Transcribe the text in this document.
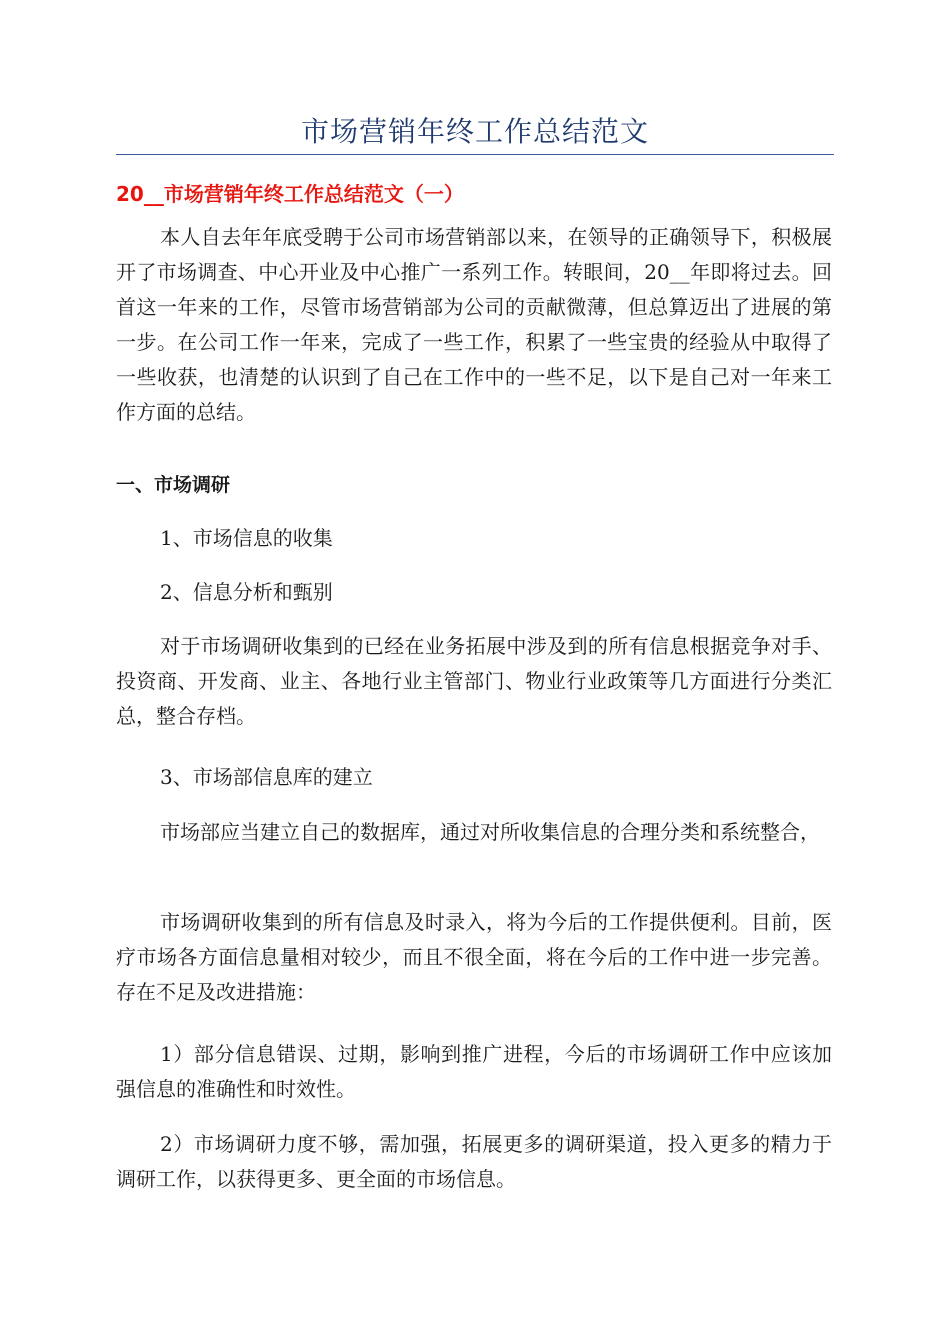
市场营销年终工作总结范文
20__市场营销年终工作总结范文（一）

本人自去年年底受聘于公司市场营销部以来，在领导的正确领导下，积极展开了市场调查、中心开业及中心推广一系列工作。转眼间，20__年即将过去。回首这一年来的工作，尽管市场营销部为公司的贡献微薄，但总算迈出了进展的第一步。在公司工作一年来，完成了一些工作，积累了一些宝贵的经验从中取得了一些收获，也清楚的认识到了自己在工作中的一些不足，以下是自己对一年来工作方面的总结。

一、市场调研
1、市场信息的收集
2、信息分析和甄别

对于市场调研收集到的已经在业务拓展中涉及到的所有信息根据竞争对手、投资商、开发商、业主、各地行业主管部门、物业行业政策等几方面进行分类汇总，整合存档。

3、市场部信息库的建立

市场部应当建立自己的数据库，通过对所收集信息的合理分类和系统整合，

市场调研收集到的所有信息及时录入，将为今后的工作提供便利。目前，医疗市场各方面信息量相对较少，而且不很全面，将在今后的工作中进一步完善。存在不足及改进措施：

1）部分信息错误、过期，影响到推广进程，今后的市场调研工作中应该加强信息的准确性和时效性。

2）市场调研力度不够，需加强，拓展更多的调研渠道，投入更多的精力于调研工作，以获得更多、更全面的市场信息。
